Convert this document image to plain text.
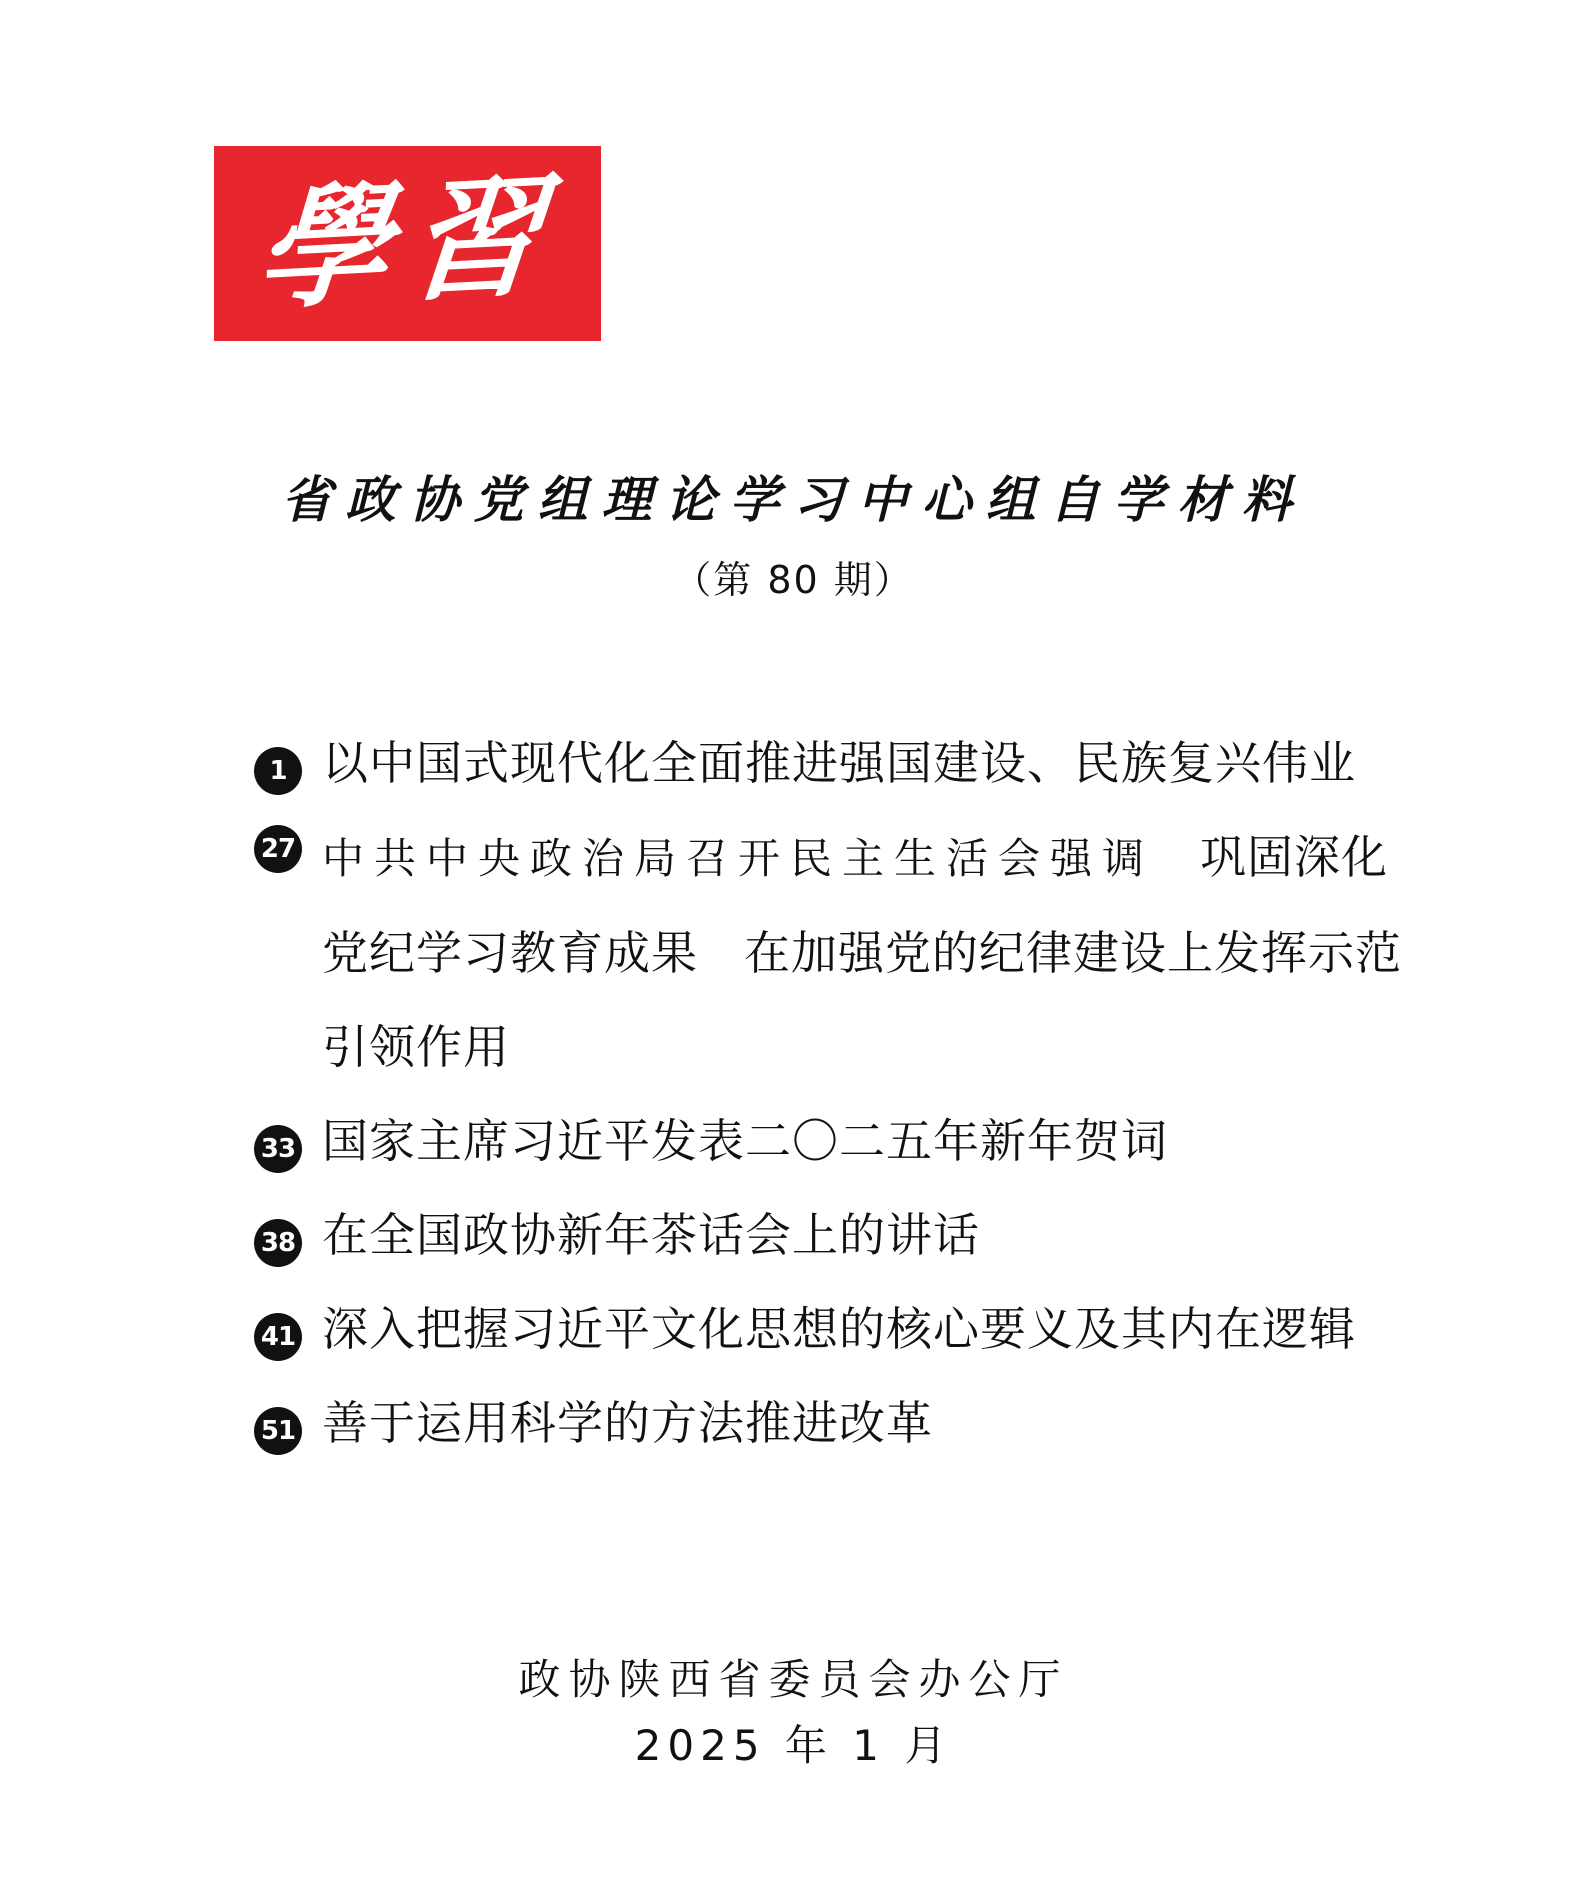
學習
省政协党组理论学习中心组自学材料
（第 80 期）
1 以中国式现代化全面推进强国建设、民族复兴伟业
27 中共中央政治局召开民主生活会强调 巩固深化党纪学习教育成果 在加强党的纪律建设上发挥示范引领作用
33 国家主席习近平发表二〇二五年新年贺词
38 在全国政协新年茶话会上的讲话
41 深入把握习近平文化思想的核心要义及其内在逻辑
51 善于运用科学的方法推进改革
政协陕西省委员会办公厅
2025 年 1 月
